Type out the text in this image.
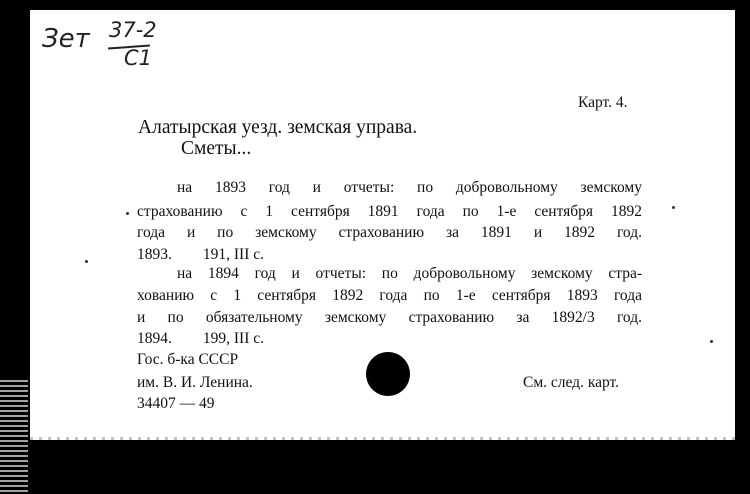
Зет 37-2
С1
Карт. 4.
Алатырская уезд. земская управа.
Сметы...
на 1893 год и отчеты: по добровольному земскому
страхованию с 1 сентября 1891 года по 1-е сентября 1892
года и по земскому страхованию за 1891 и 1892 год.
1893.        191, III с.
на 1894 год и отчеты: по добровольному земскому стра-
хованию с 1 сентября 1892 года по 1-е сентября 1893 года
и по обязательному земскому страхованию за 1892/3 год.
1894.        199, III с.
Гос. б-ка СССР
им. В. И. Ленина.
34407 — 49
См. след. карт.
